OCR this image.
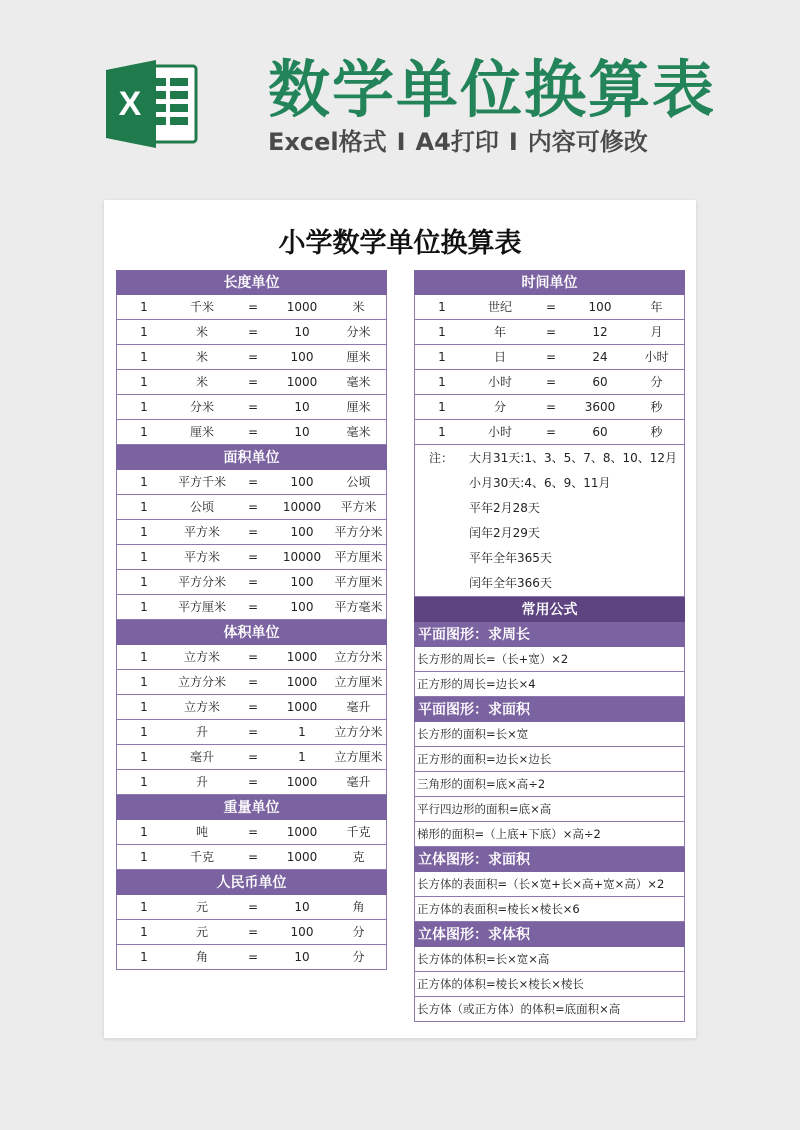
X 数学单位换算表
Excel格式 I A4打印 I 内容可修改
小学数学单位换算表
长度单位
1	千米	=	1000	米
1	米	=	10	分米
1	米	=	100	厘米
1	米	=	1000	毫米
1	分米	=	10	厘米
1	厘米	=	10	毫米
面积单位
1	平方千米	=	100	公顷
1	公顷	=	10000	平方米
1	平方米	=	100	平方分米
1	平方米	=	10000	平方厘米
1	平方分米	=	100	平方厘米
1	平方厘米	=	100	平方毫米
体积单位
1	立方米	=	1000	立方分米
1	立方分米	=	1000	立方厘米
1	立方米	=	1000	毫升
1	升	=	1	立方分米
1	毫升	=	1	立方厘米
1	升	=	1000	毫升
重量单位
1	吨	=	1000	千克
1	千克	=	1000	克
人民币单位
1	元	=	10	角
1	元	=	100	分
1	角	=	10	分
时间单位
1	世纪	=	100	年
1	年	=	12	月
1	日	=	24	小时
1	小时	=	60	分
1	分	=	3600	秒
1	小时	=	60	秒
注：	大月31天:1、3、5、7、8、10、12月
小月30天:4、6、9、11月
平年2月28天
闰年2月29天
平年全年365天
闰年全年366天
常用公式
平面图形：求周长
长方形的周长=（长+宽）×2
正方形的周长=边长×4
平面图形：求面积
长方形的面积=长×宽
正方形的面积=边长×边长
三角形的面积=底×高÷2
平行四边形的面积=底×高
梯形的面积=（上底+下底）×高÷2
立体图形：求面积
长方体的表面积=（长×宽+长×高+宽×高）×2
正方体的表面积=棱长×棱长×6
立体图形：求体积
长方体的体积=长×宽×高
正方体的体积=棱长×棱长×棱长
长方体（或正方体）的体积=底面积×高
